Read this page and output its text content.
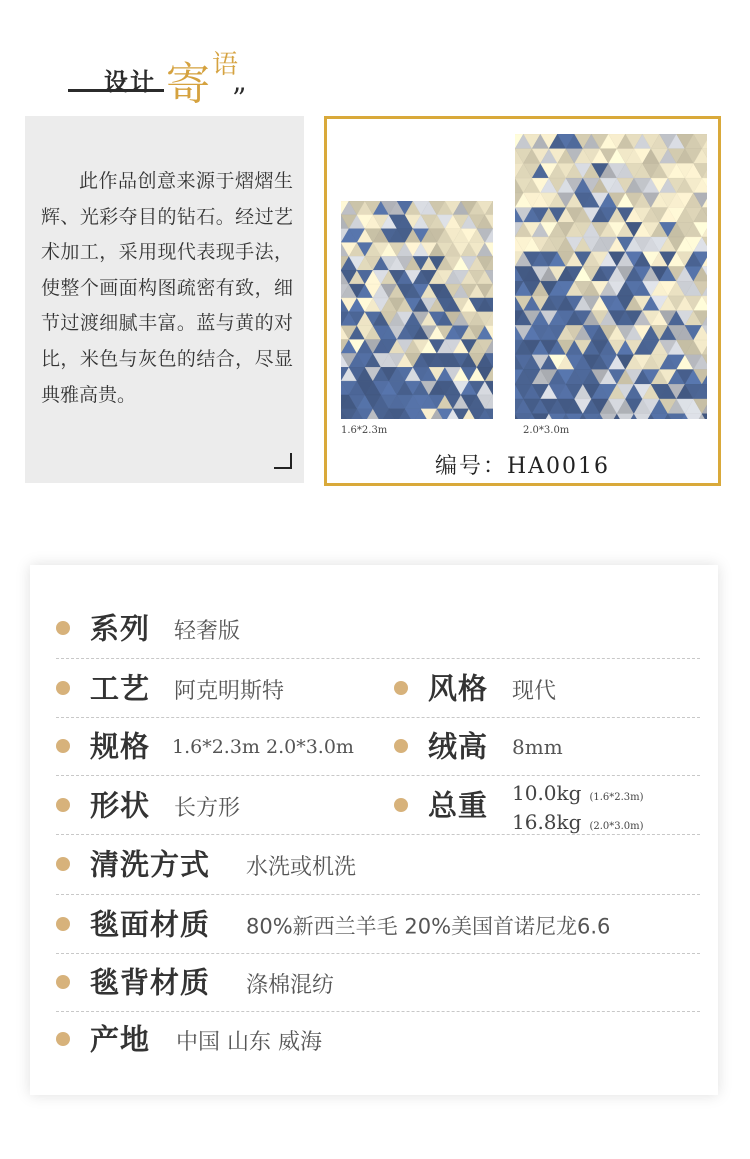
设计 寄 语
”
此作品创意来源于熠熠生辉、光彩夺目的钻石。经过艺术加工，采用现代表现手法，使整个画面构图疏密有致，细节过渡细腻丰富。蓝与黄的对比，米色与灰色的结合，尽显典雅高贵。
1.6*2.3m	2.0*3.0m
编号：HA0016
系列 轻奢版
工艺 阿克明斯特	风格 现代
规格 1.6*2.3m 2.0*3.0m	绒高 8mm
形状 长方形	总重 10.0kg (1.6*2.3m)
16.8kg (2.0*3.0m)
清洗方式 水洗或机洗
毯面材质 80%新西兰羊毛 20%美国首诺尼龙6.6
毯背材质 涤棉混纺
产地 中国 山东 威海
